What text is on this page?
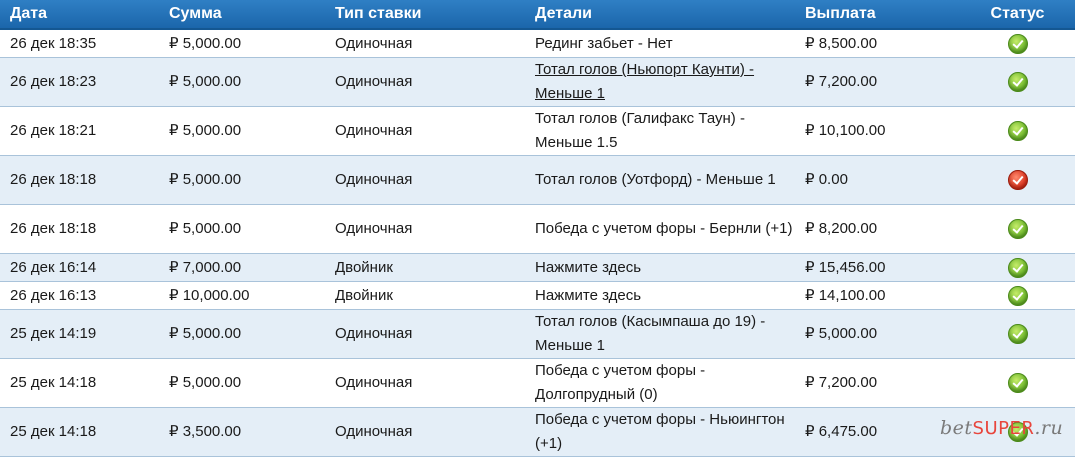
Дата	Сумма	Тип ставки	Детали	Выплата	Статус
26 дек 18:35	₽ 5,000.00	Одиночная	Рединг забьет - Нет	₽ 8,500.00	
26 дек 18:23	₽ 5,000.00	Одиночная	Тотал голов (Ньюпорт Каунти) - Меньше 1	₽ 7,200.00	
26 дек 18:21	₽ 5,000.00	Одиночная	Тотал голов (Галифакс Таун) - Меньше 1.5	₽ 10,100.00	
26 дек 18:18	₽ 5,000.00	Одиночная	Тотал голов (Уотфорд) - Меньше 1	₽ 0.00	
26 дек 18:18	₽ 5,000.00	Одиночная	Победа с учетом форы - Бернли (+1)	₽ 8,200.00	
26 дек 16:14	₽ 7,000.00	Двойник	Нажмите здесь	₽ 15,456.00	
26 дек 16:13	₽ 10,000.00	Двойник	Нажмите здесь	₽ 14,100.00	
25 дек 14:19	₽ 5,000.00	Одиночная	Тотал голов (Касымпаша до 19) - Меньше 1	₽ 5,000.00	
25 дек 14:18	₽ 5,000.00	Одиночная	Победа с учетом форы - Долгопрудный (0)	₽ 7,200.00	
25 дек 14:18	₽ 3,500.00	Одиночная	Победа с учетом форы - Ньюингтон (+1)	₽ 6,475.00		betSUPER.ru
